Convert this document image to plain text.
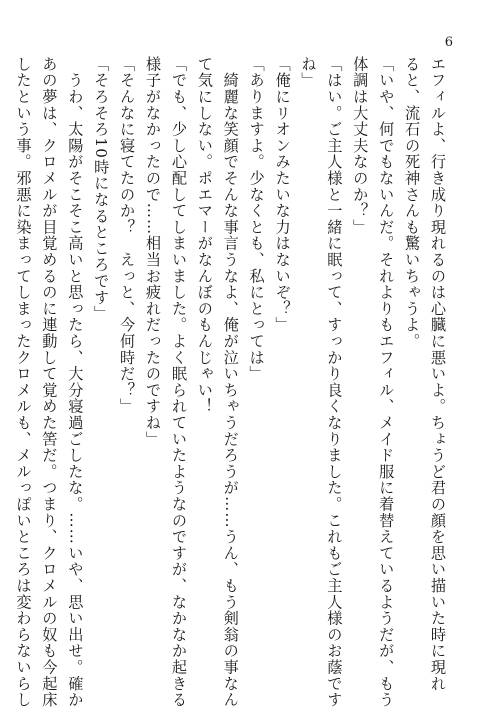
6
エフィルよ、行き成り現れるのは心臓に悪いよ。ちょうど君の顔を思い描いた時に現れ
ると、流石の死神さんも驚いちゃうよ。
「いや、何でもないんだ。それよりもエフィル、メイド服に着替えているようだが、もう
体調は大丈夫なのか？」
「はい。ご主人様と一緒に眠って、すっかり良くなりました。これもご主人様のお蔭です
ね」
「俺にリオンみたいな力はないぞ？」
「ありますよ。少なくとも、私にとっては」
　綺麗な笑顔でそんな事言うなよ、俺が泣いちゃうだろうが……うん、もう剣翁の事なん
て気にしない。ポエマーがなんぼのもんじゃい！
「でも、少し心配してしまいました。よく眠られていたようなのですが、なかなか起きる
様子がなかったので……相当お疲れだったのですね」
「そんなに寝てたのか？　えっと、今何時だ？」
「そろそろ10時になるところです」
　うわ、太陽がそこそこ高いと思ったら、大分寝過ごしたな。……いや、思い出せ。確か
あの夢は、クロメルが目覚めるのに連動して覚めた筈だ。つまり、クロメルの奴も今起床
したという事。邪悪に染まってしまったクロメルも、メルっぽいところは変わらないらし
